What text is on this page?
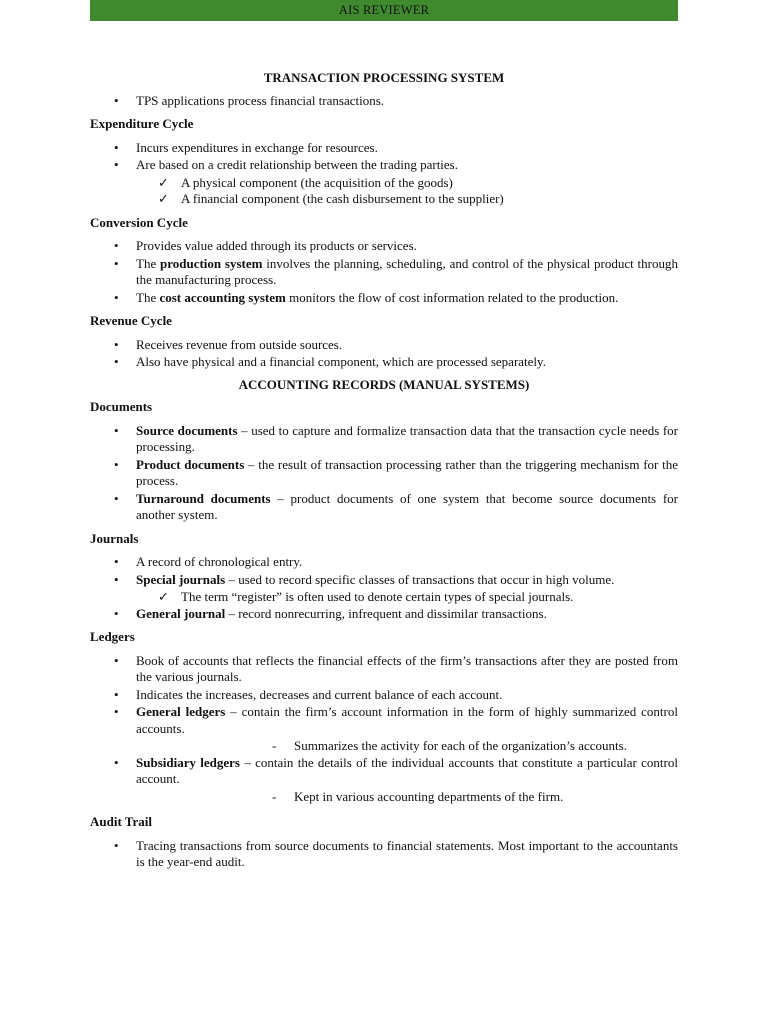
AIS REVIEWER
TRANSACTION PROCESSING SYSTEM
• TPS applications process financial transactions.
Expenditure Cycle
• Incurs expenditures in exchange for resources.
• Are based on a credit relationship between the trading parties.
✓ A physical component (the acquisition of the goods)
✓ A financial component (the cash disbursement to the supplier)
Conversion Cycle
• Provides value added through its products or services.
• The production system involves the planning, scheduling, and control of the physical product through the manufacturing process.
• The cost accounting system monitors the flow of cost information related to the production.
Revenue Cycle
• Receives revenue from outside sources.
• Also have physical and a financial component, which are processed separately.
ACCOUNTING RECORDS (MANUAL SYSTEMS)
Documents
• Source documents – used to capture and formalize transaction data that the transaction cycle needs for processing.
• Product documents – the result of transaction processing rather than the triggering mechanism for the process.
• Turnaround documents – product documents of one system that become source documents for another system.
Journals
• A record of chronological entry.
• Special journals – used to record specific classes of transactions that occur in high volume.
✓ The term “register” is often used to denote certain types of special journals.
• General journal – record nonrecurring, infrequent and dissimilar transactions.
Ledgers
• Book of accounts that reflects the financial effects of the firm’s transactions after they are posted from the various journals.
• Indicates the increases, decreases and current balance of each account.
• General ledgers – contain the firm’s account information in the form of highly summarized control accounts.
- Summarizes the activity for each of the organization’s accounts.
• Subsidiary ledgers – contain the details of the individual accounts that constitute a particular control account.
- Kept in various accounting departments of the firm.
Audit Trail
• Tracing transactions from source documents to financial statements. Most important to the accountants is the year-end audit.
